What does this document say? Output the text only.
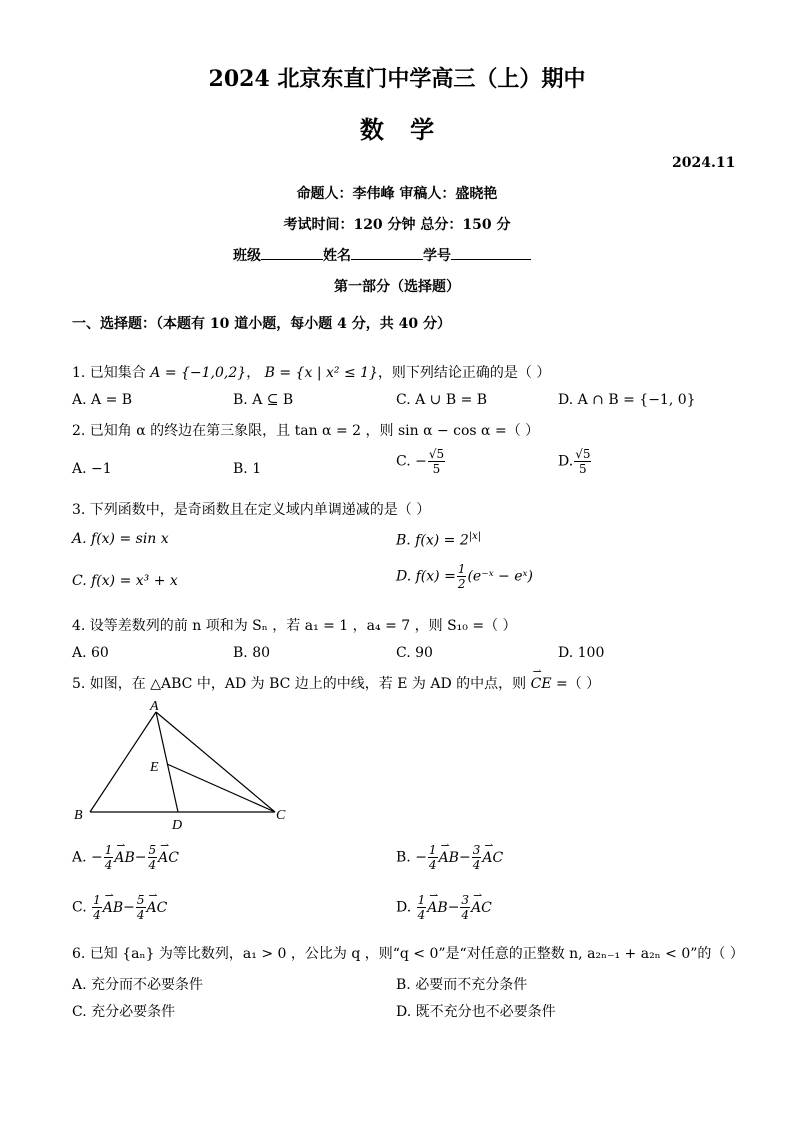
2024 北京东直门中学高三（上）期中
数 学
2024.11
命题人：李伟峰 审稿人：盛晓艳
考试时间：120 分钟 总分：150 分
班级	姓名	学号
第一部分（选择题）
一、选择题：（本题有 10 道小题，每小题 4 分，共 40 分）
1. 已知集合 A = {−1,0,2}， B = {x | x² ≤ 1}，则下列结论正确的是（ ）
A. A = B	B. A ⊆ B	C. A ∪ B = B	D. A ∩ B = {−1, 0}
2. 已知角 α 的终边在第三象限，且 tan α = 2 ，则 sin α − cos α =（ ）
A. −1	B. 1	C. − $\frac{√5}{5}$	D. $\frac{√5}{5}$
3. 下列函数中，是奇函数且在定义域内单调递减的是（ ）
A. f(x) = sin x	B. $f(x) = 2^{|x|}$
C. f(x) = x³ + x	D. $f(x) = \frac{1}{2}$ (e⁻ˣ − eˣ)
4. 设等差数列的前 n 项和为 Sₙ ，若 a₁ = 1 ，a₄ = 7 ，则 S₁₀ =（ ）
A. 60	B. 80	C. 90	D. 100
5. 如图，在 △ABC 中，AD 为 BC 边上的中线，若 E 为 AD 的中点，则 ⇀ CE =（ ）
A
B	C
D
E
A. − $\frac{1}{4}$ ⇀ $AB- \frac{5}{4}$ ⇀ AC	B. − $\frac{1}{4}$ ⇀ $AB- \frac{3}{4}$ ⇀ AC
C. $\frac{1}{4}$ ⇀ $AB- \frac{5}{4}$ ⇀ AC	D. $\frac{1}{4}$ ⇀ $AB- \frac{3}{4}$ ⇀ AC
6. 已知 {aₙ} 为等比数列，a₁ > 0 ，公比为 q ，则“q < 0”是“对任意的正整数 n, a₂ₙ₋₁ + a₂ₙ < 0”的（ ）
A. 充分而不必要条件	B. 必要而不充分条件
C. 充分必要条件	D. 既不充分也不必要条件
